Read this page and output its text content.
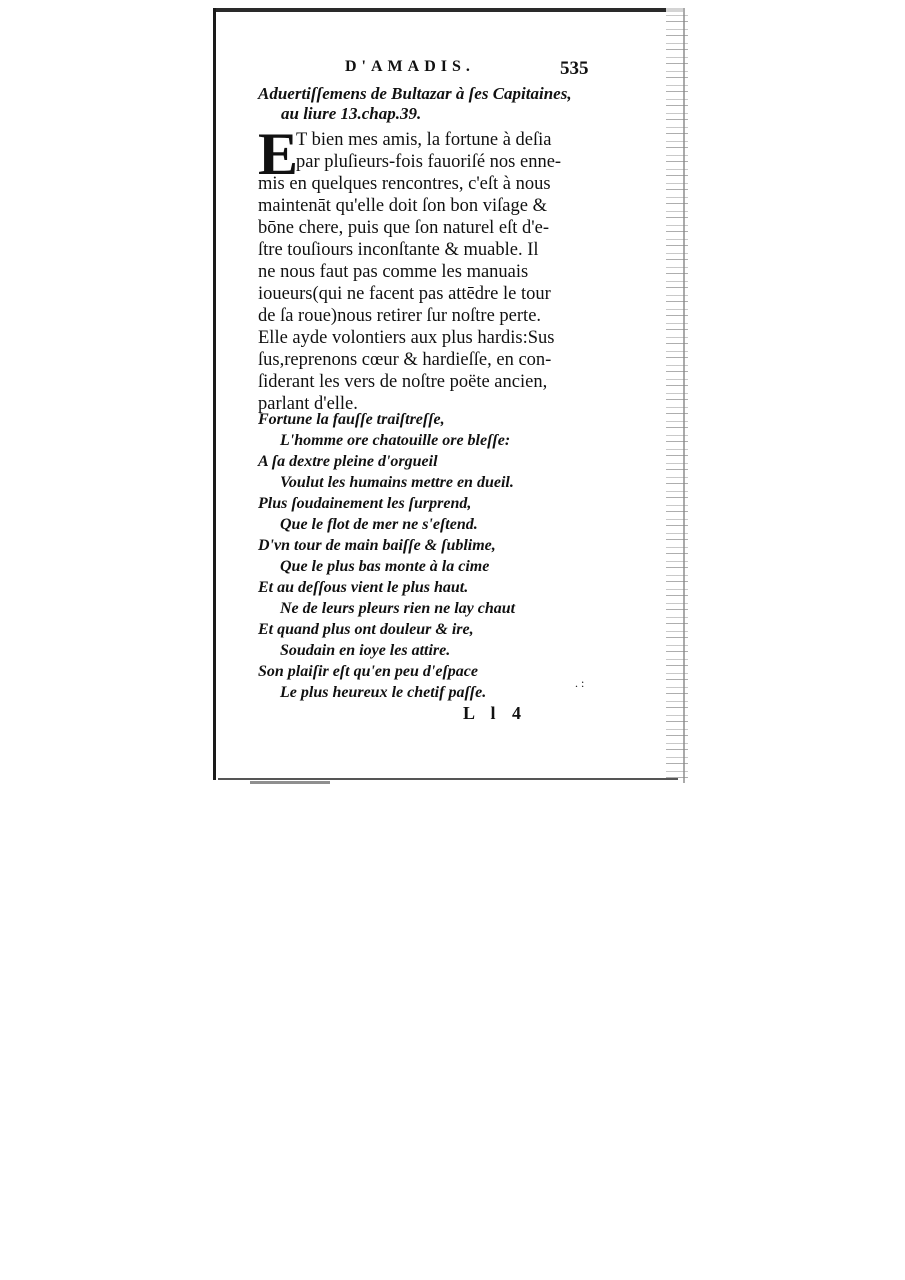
D'AMADIS.	535
Aduertiſſemens de Bultazar à ſes Capitaines,
au liure 13.chap.39.
E
T bien mes amis, la fortune à deſia
par pluſieurs-fois fauoriſé nos enne-
mis en quelques rencontres, c'eſt à nous
maintenāt qu'elle doit ſon bon viſage &
bōne chere, puis que ſon naturel eſt d'e-
ſtre touſiours inconſtante & muable. Il
ne nous faut pas comme les manuais
ioueurs(qui ne facent pas attēdre le tour
de ſa roue)nous retirer ſur noſtre perte.
Elle ayde volontiers aux plus hardis:Sus
ſus,reprenons cœur & hardieſſe, en con-
ſiderant les vers de noſtre poëte ancien,
parlant d'elle.
Fortune la fauſſe traiſtreſſe,
L'homme ore chatouille ore bleſſe:
A ſa dextre pleine d'orgueil
Voulut les humains mettre en dueil.
Plus ſoudainement les ſurprend,
Que le flot de mer ne s'eſtend.
D'vn tour de main baiſſe & ſublime,
Que le plus bas monte à la cime
Et au deſſous vient le plus haut.
Ne de leurs pleurs rien ne lay chaut
Et quand plus ont douleur & ire,
Soudain en ioye les attire.
Son plaiſir eſt qu'en peu d'eſpace
Le plus heureux le chetif paſſe.
. :
L l 4
